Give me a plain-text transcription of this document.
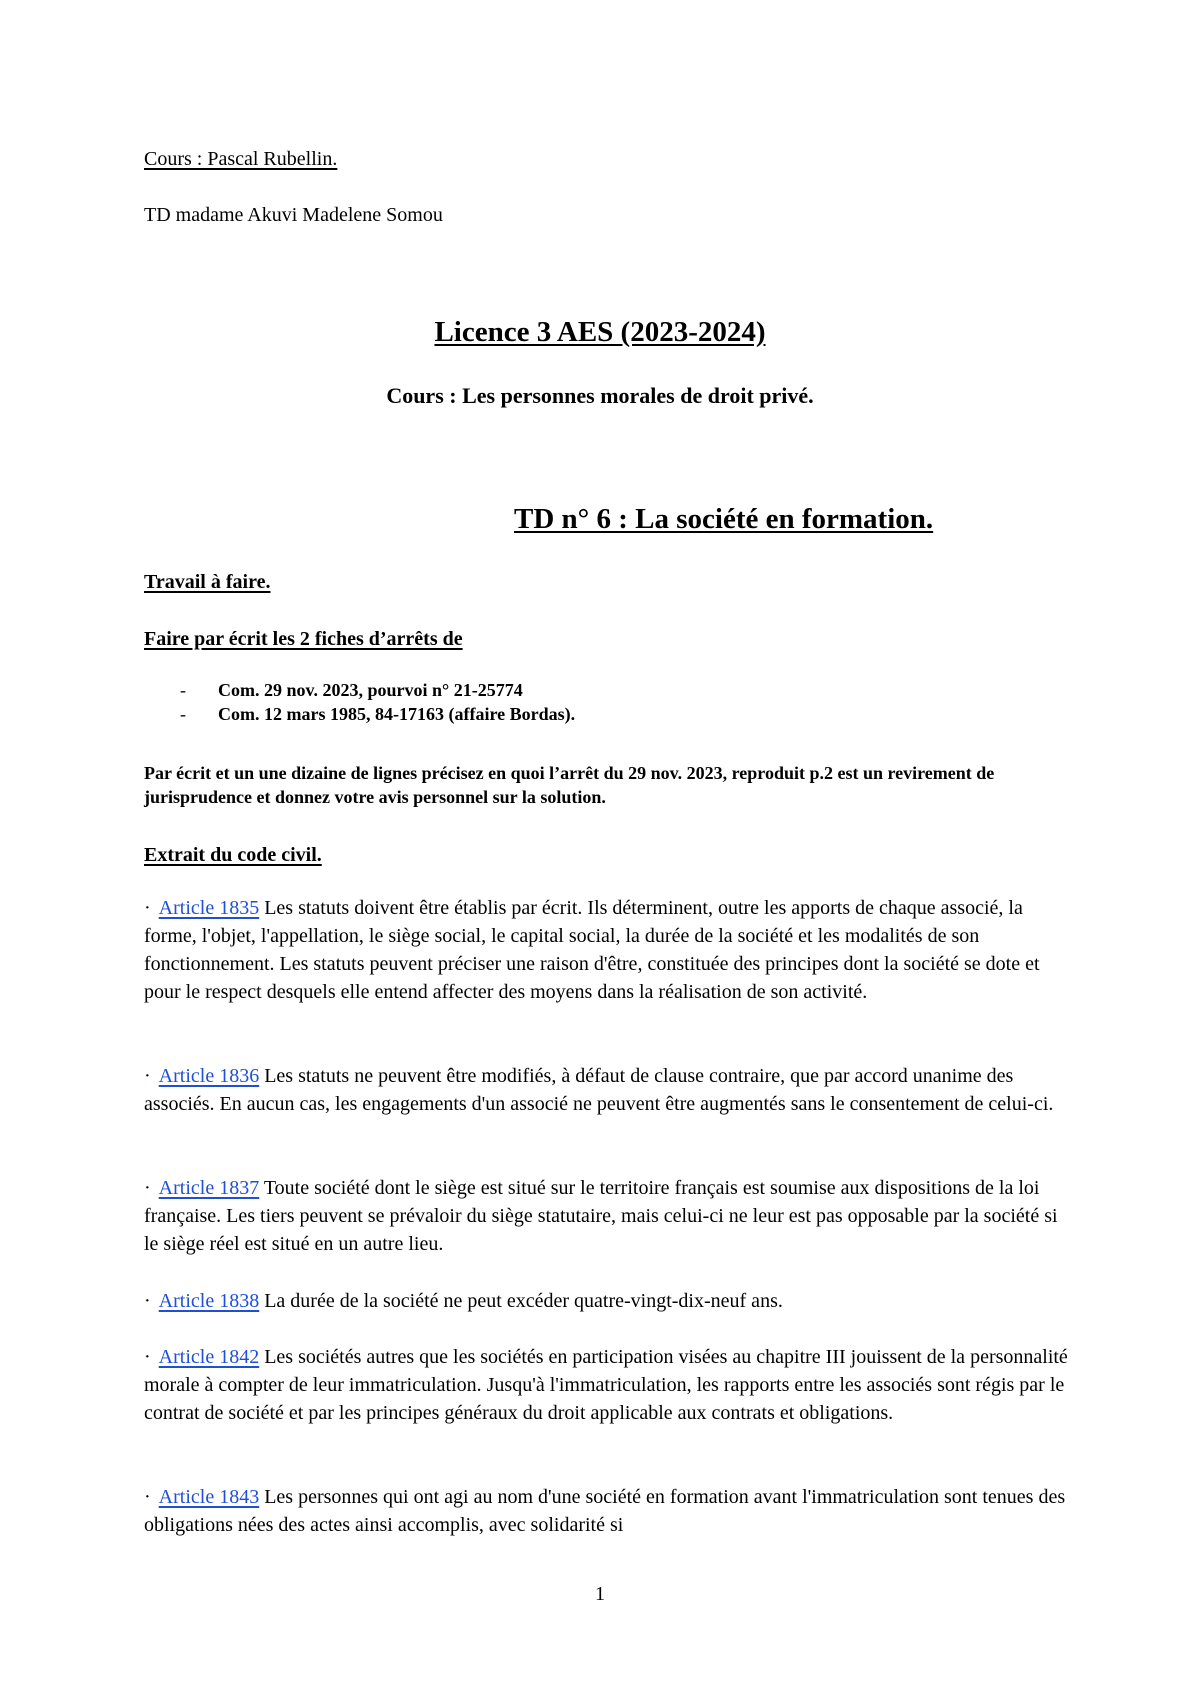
Cours : Pascal Rubellin.
TD madame Akuvi Madelene Somou
Licence 3 AES (2023-2024)
Cours : Les personnes morales de droit privé.
TD n° 6 : La société en formation.
Travail à faire.
Faire par écrit les 2 fiches d’arrêts de
- Com. 29 nov. 2023, pourvoi n° 21-25774
- Com. 12 mars 1985, 84-17163 (affaire Bordas).

Par écrit et un une dizaine de lignes précisez en quoi l’arrêt du 29 nov. 2023, reproduit p.2 est un revirement de jurisprudence et donnez votre avis personnel sur la solution.

Extrait du code civil.

· Article 1835 Les statuts doivent être établis par écrit. Ils déterminent, outre les apports de chaque associé, la forme, l'objet, l'appellation, le siège social, le capital social, la durée de la société et les modalités de son fonctionnement. Les statuts peuvent préciser une raison d'être, constituée des principes dont la société se dote et pour le respect desquels elle entend affecter des moyens dans la réalisation de son activité.

· Article 1836 Les statuts ne peuvent être modifiés, à défaut de clause contraire, que par accord unanime des associés. En aucun cas, les engagements d'un associé ne peuvent être augmentés sans le consentement de celui-ci.

· Article 1837 Toute société dont le siège est situé sur le territoire français est soumise aux dispositions de la loi française. Les tiers peuvent se prévaloir du siège statutaire, mais celui-ci ne leur est pas opposable par la société si le siège réel est situé en un autre lieu.

· Article 1838 La durée de la société ne peut excéder quatre-vingt-dix-neuf ans.

· Article 1842 Les sociétés autres que les sociétés en participation visées au chapitre III jouissent de la personnalité morale à compter de leur immatriculation. Jusqu'à l'immatriculation, les rapports entre les associés sont régis par le contrat de société et par les principes généraux du droit applicable aux contrats et obligations.

· Article 1843 Les personnes qui ont agi au nom d'une société en formation avant l'immatriculation sont tenues des obligations nées des actes ainsi accomplis, avec solidarité si

1
